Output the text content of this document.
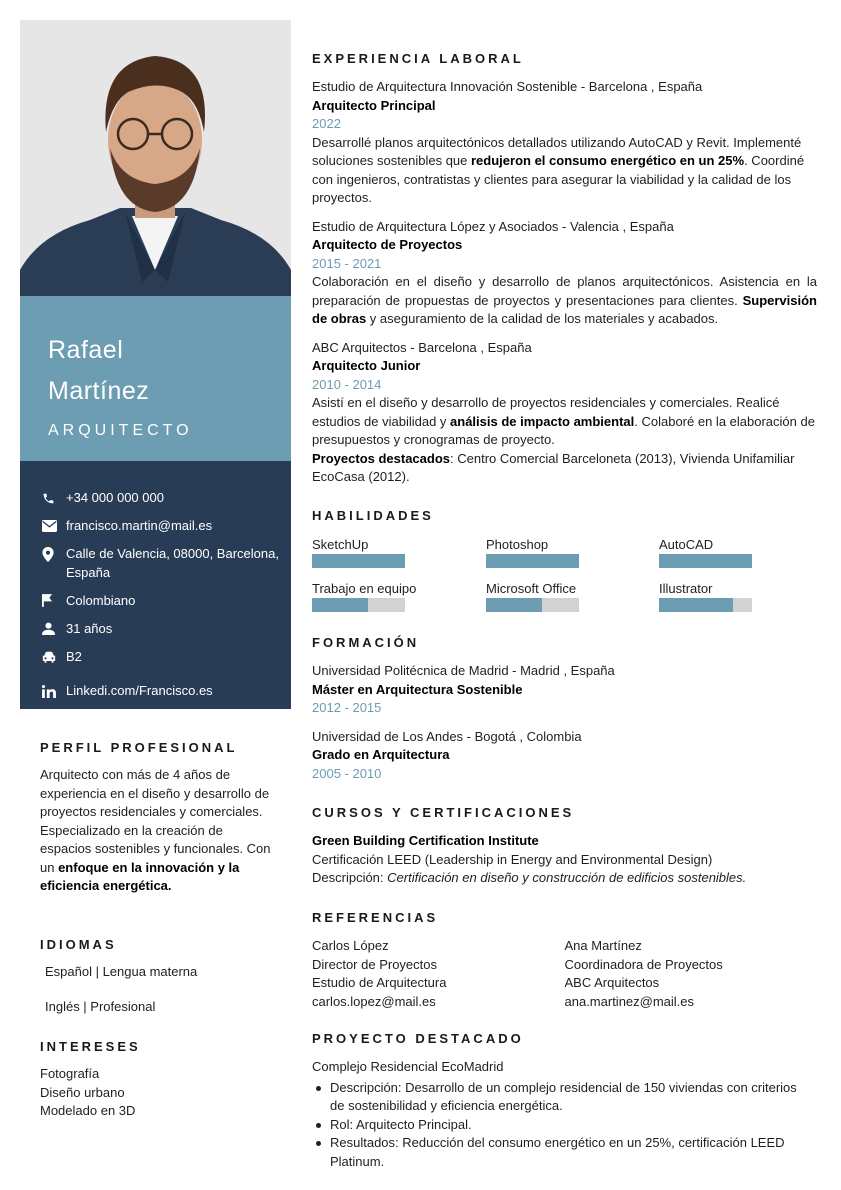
Rafael
Martínez
ARQUITECTO
+34 000 000 000
francisco.martin@mail.es
Calle de Valencia, 08000, Barcelona, España
Colombiano
31 años
B2
Linkedi.com/Francisco.es
PERFIL PROFESIONAL
Arquitecto con más de 4 años de experiencia en el diseño y desarrollo de proyectos residenciales y comerciales. Especializado en la creación de espacios sostenibles y funcionales. Con un enfoque en la innovación y la eficiencia energética.
IDIOMAS
Español | Lengua materna
Inglés | Profesional
INTERESES
Fotografía
Diseño urbano
Modelado en 3D
EXPERIENCIA LABORAL
Estudio de Arquitectura Innovación Sostenible - Barcelona , España
Arquitecto Principal
2022
Desarrollé planos arquitectónicos detallados utilizando AutoCAD y Revit. Implementé soluciones sostenibles que redujeron el consumo energético en un 25%. Coordiné con ingenieros, contratistas y clientes para asegurar la viabilidad y la calidad de los proyectos.
Estudio de Arquitectura López y Asociados - Valencia , España
Arquitecto de Proyectos
2015 - 2021
Colaboración en el diseño y desarrollo de planos arquitectónicos. Asistencia en la preparación de propuestas de proyectos y presentaciones para clientes. Supervisión de obras y aseguramiento de la calidad de los materiales y acabados.
ABC Arquitectos - Barcelona , España
Arquitecto Junior
2010 - 2014
Asistí en el diseño y desarrollo de proyectos residenciales y comerciales. Realicé estudios de viabilidad y análisis de impacto ambiental. Colaboré en la elaboración de presupuestos y cronogramas de proyecto.
Proyectos destacados: Centro Comercial Barceloneta (2013), Vivienda Unifamiliar EcoCasa (2012).
HABILIDADES
SketchUp	Photoshop	AutoCAD
Trabajo en equipo	Microsoft Office	Illustrator
FORMACIÓN
Universidad Politécnica de Madrid - Madrid , España
Máster en Arquitectura Sostenible
2012 - 2015
Universidad de Los Andes - Bogotá , Colombia
Grado en Arquitectura
2005 - 2010
CURSOS Y CERTIFICACIONES
Green Building Certification Institute
Certificación LEED (Leadership in Energy and Environmental Design)
Descripción: Certificación en diseño y construcción de edificios sostenibles.
REFERENCIAS
Carlos López
Director de Proyectos
Estudio de Arquitectura
carlos.lopez@mail.es
Ana Martínez
Coordinadora de Proyectos
ABC Arquitectos
ana.martinez@mail.es
PROYECTO DESTACADO
Complejo Residencial EcoMadrid
Descripción: Desarrollo de un complejo residencial de 150 viviendas con criterios de sostenibilidad y eficiencia energética.
Rol: Arquitecto Principal.
Resultados: Reducción del consumo energético en un 25%, certificación LEED Platinum.
